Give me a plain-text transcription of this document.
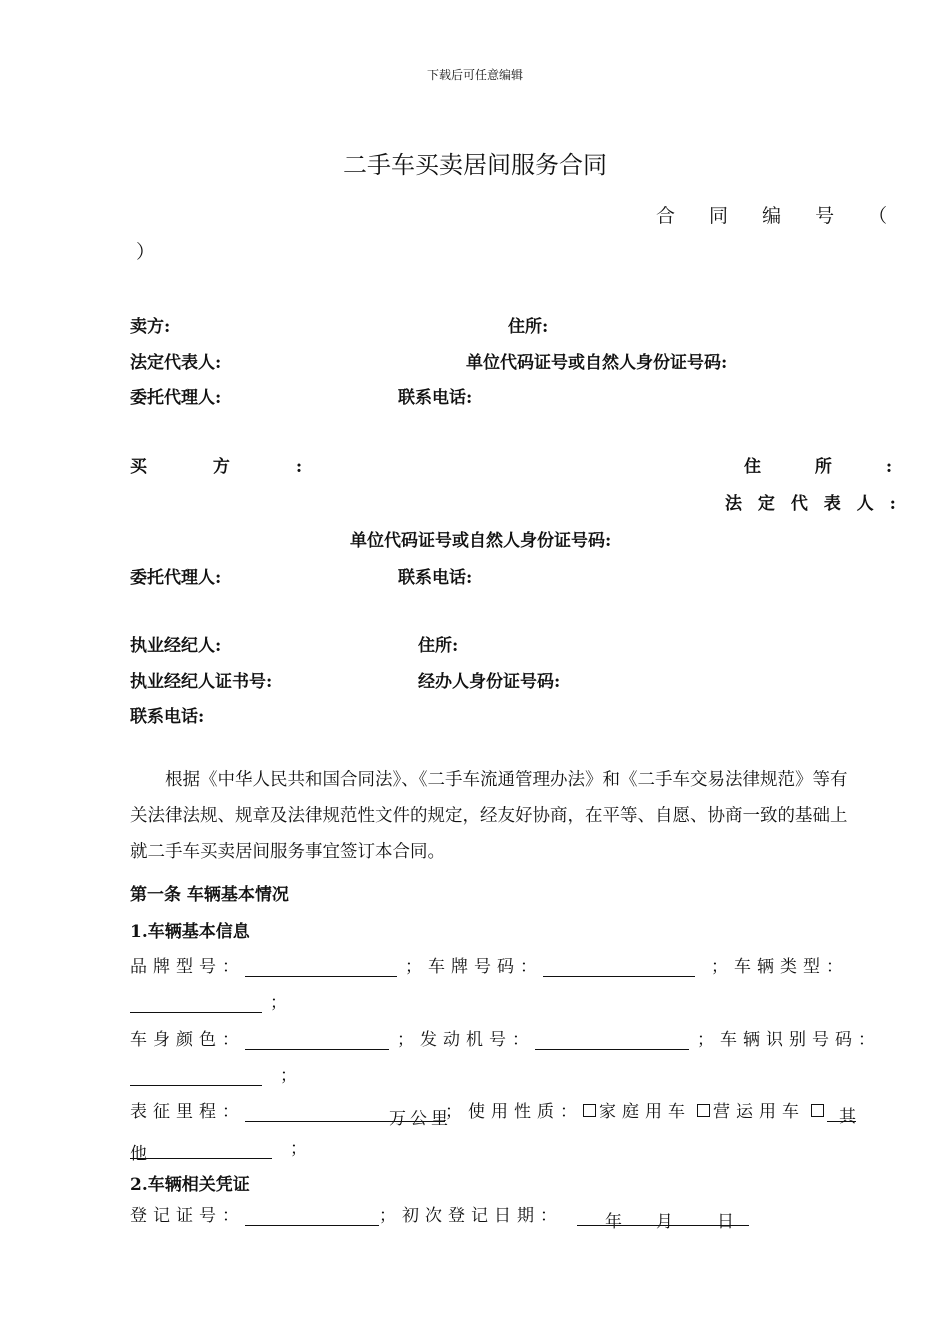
下载后可任意编辑
二手车买卖居间服务合同
合 同 编 号 （
）
卖方:	住所:
法定代表人:	单位代码证号或自然人身份证号码:
委托代理人:	联系电话:
买 方 :	住 所 :
法 定 代 表 人 :
单位代码证号或自然人身份证号码:
委托代理人:	联系电话:
执业经纪人:	住所:
执业经纪人证书号:	经办人身份证号码:
联系电话:
根据《中华人民共和国合同法》、《二手车流通管理办法》和《二手车交易法律规范》等有关法律法规、规章及法律规范性文件的规定，经友好协商，在平等、自愿、协商一致的基础上就二手车买卖居间服务事宜签订本合同。
第一条 车辆基本情况
1.车辆基本信息
品牌型号：	；车牌号码：	；车辆类型：
；
车身颜色：	；发动机号：	；车辆识别号码：
；
表征里程：	万公里；使用性质： 家庭用车 营运用车 其
他	；
2.车辆相关凭证
登记证号：	；初次登记日期： 年 月	日
